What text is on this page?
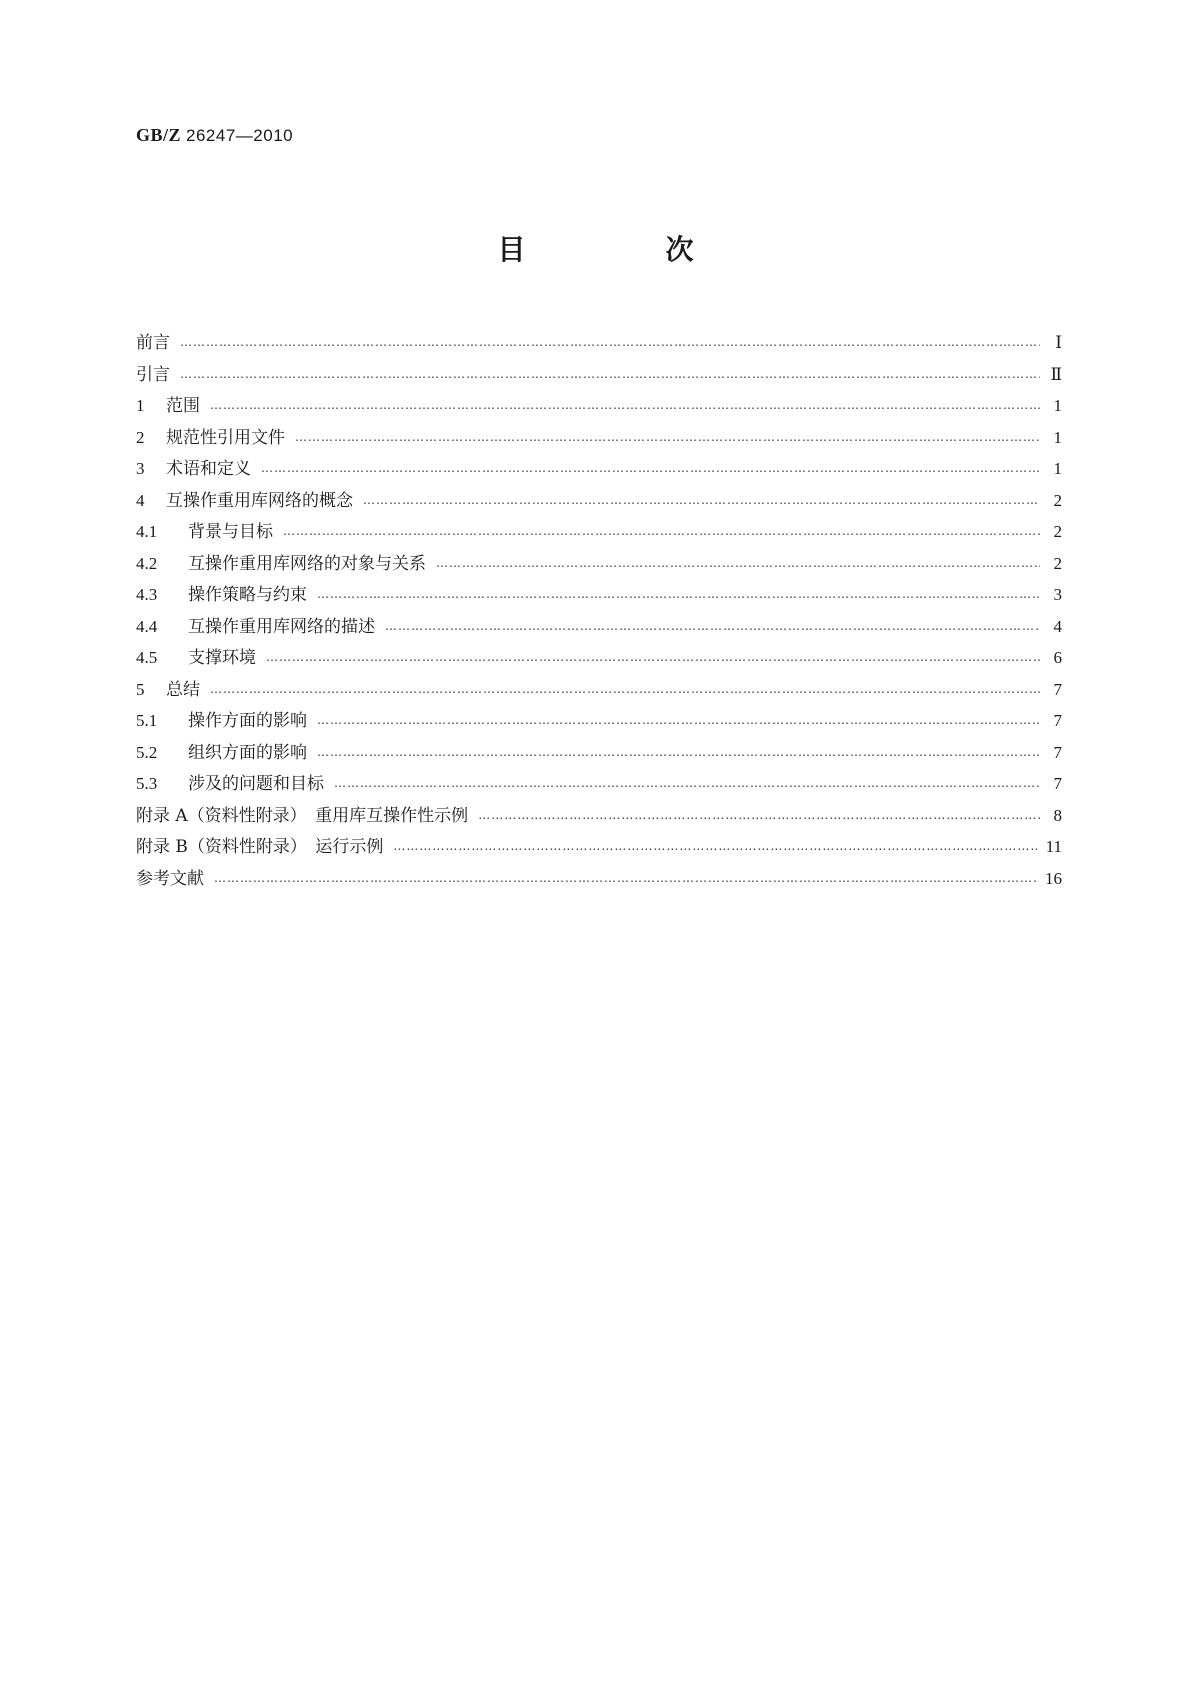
GB/Z 26247—2010
目　次
前言 ………………………………………………………………………………………………………………………………………………………………………………………………………………………………………………………………………………	Ⅰ
引言 ………………………………………………………………………………………………………………………………………………………………………………………………………………………………………………………………………………	Ⅱ
1 范围 ………………………………………………………………………………………………………………………………………………………………………………………………………………………………………………………………………………	1
2 规范性引用文件 ………………………………………………………………………………………………………………………………………………………………………………………………………………………………………………………………………………	1
3 术语和定义 ………………………………………………………………………………………………………………………………………………………………………………………………………………………………………………………………………………	1
4 互操作重用库网络的概念 ………………………………………………………………………………………………………………………………………………………………………………………………………………………………………………………………………………	2
4.1 背景与目标 ………………………………………………………………………………………………………………………………………………………………………………………………………………………………………………………………………………	2
4.2 互操作重用库网络的对象与关系 ………………………………………………………………………………………………………………………………………………………………………………………………………………………………………………………………………………	2
4.3 操作策略与约束 ………………………………………………………………………………………………………………………………………………………………………………………………………………………………………………………………………………	3
4.4 互操作重用库网络的描述 ………………………………………………………………………………………………………………………………………………………………………………………………………………………………………………………………………………	4
4.5 支撑环境 ………………………………………………………………………………………………………………………………………………………………………………………………………………………………………………………………………………	6
5 总结 ………………………………………………………………………………………………………………………………………………………………………………………………………………………………………………………………………………	7
5.1 操作方面的影响 ………………………………………………………………………………………………………………………………………………………………………………………………………………………………………………………………………………	7
5.2 组织方面的影响 ………………………………………………………………………………………………………………………………………………………………………………………………………………………………………………………………………………	7
5.3 涉及的问题和目标 ………………………………………………………………………………………………………………………………………………………………………………………………………………………………………………………………………………	7
附录 A（资料性附录）　重用库互操作性示例 ………………………………………………………………………………………………………………………………………………………………………………………………………………………………………………………………………………	8
附录 B（资料性附录）　运行示例 ………………………………………………………………………………………………………………………………………………………………………………………………………………………………………………………………………………	11
参考文献 ………………………………………………………………………………………………………………………………………………………………………………………………………………………………………………………………………………	16
